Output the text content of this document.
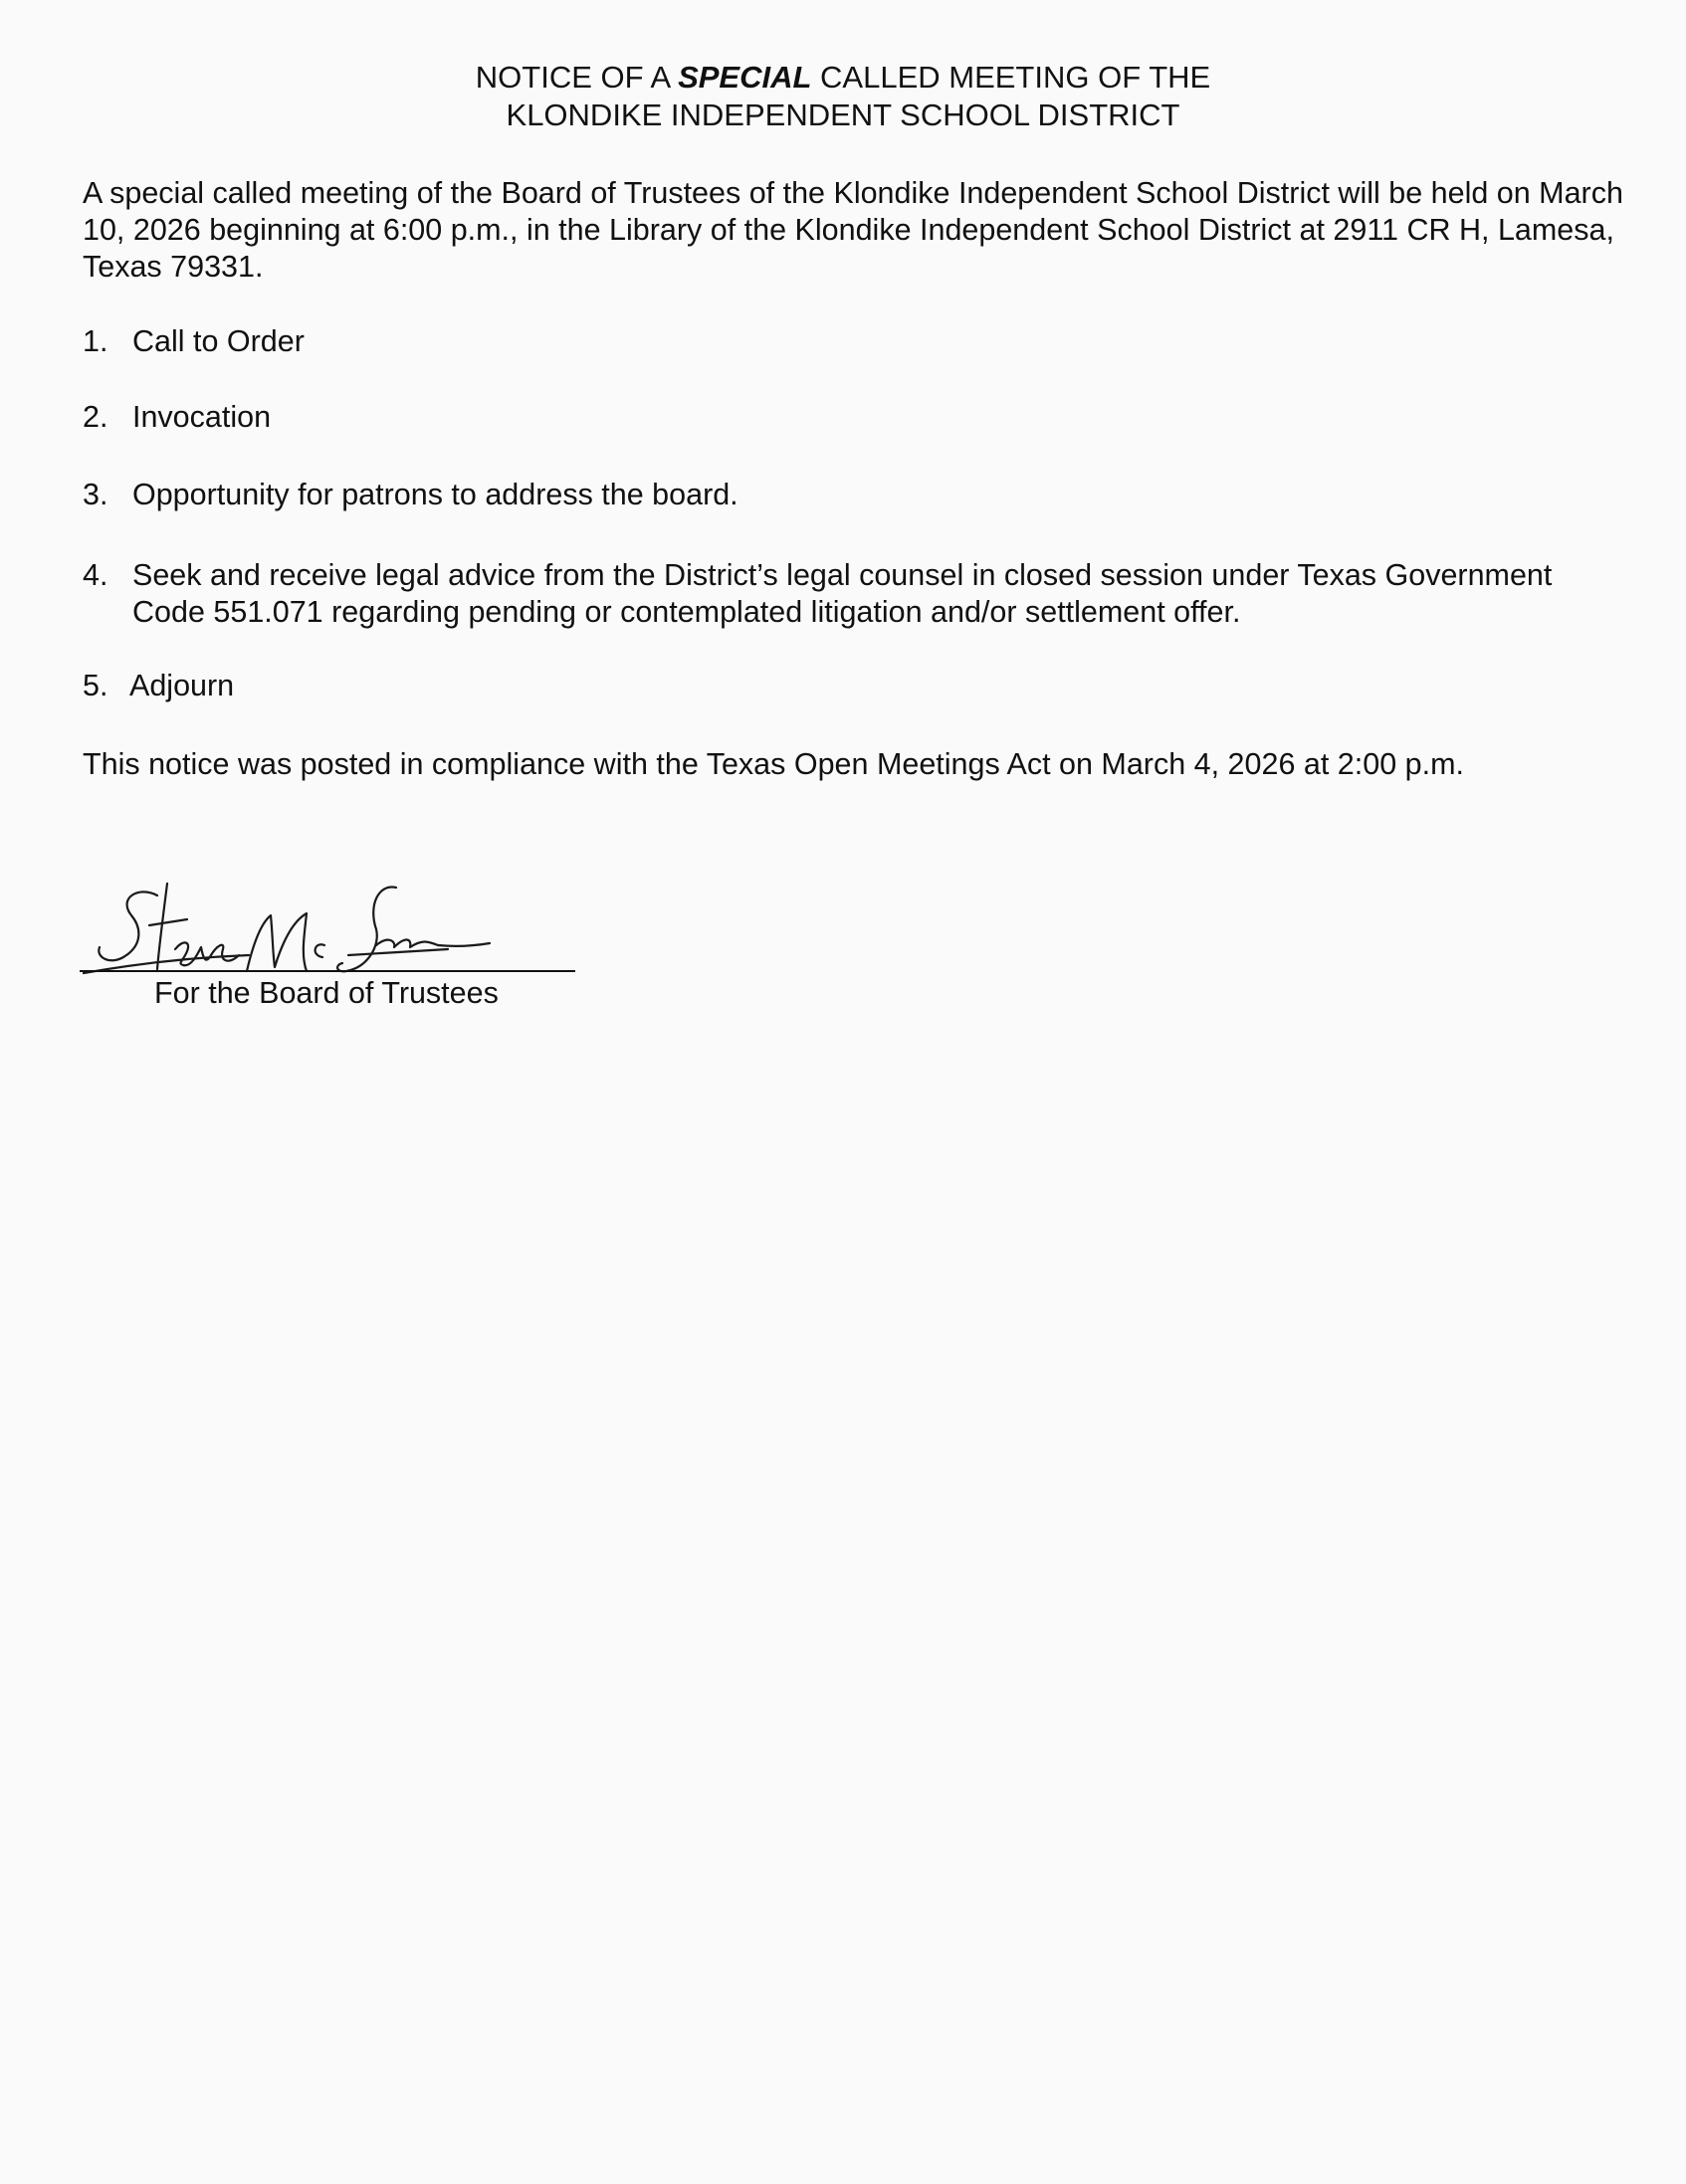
NOTICE OF A SPECIAL CALLED MEETING OF THE
KLONDIKE INDEPENDENT SCHOOL DISTRICT
A special called meeting of the Board of Trustees of the Klondike Independent School District will be held on March 10, 2026 beginning at 6:00 p.m., in the Library of the Klondike Independent School District at 2911 CR H, Lamesa, Texas 79331.
1. Call to Order
2. Invocation
3. Opportunity for patrons to address the board.
4. Seek and receive legal advice from the District’s legal counsel in closed session under Texas Government Code 551.071 regarding pending or contemplated litigation and/or settlement offer.
5. Adjourn
This notice was posted in compliance with the Texas Open Meetings Act on March 4, 2026 at 2:00 p.m.
For the Board of Trustees
